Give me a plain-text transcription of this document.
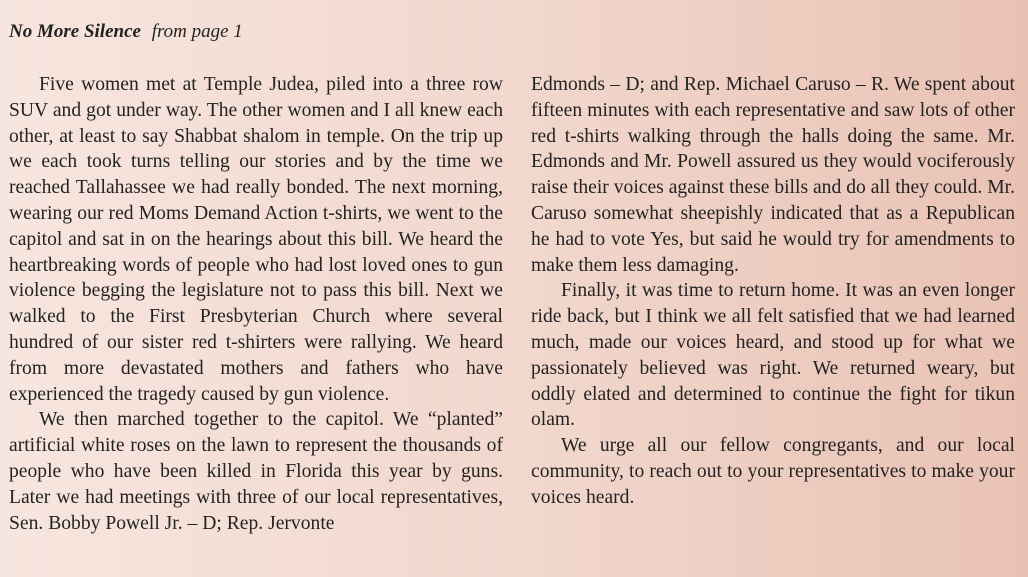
No More Silence from page 1

Five women met at Temple Judea, piled into a three row SUV and got under way. The other women and I all knew each other, at least to say Shabbat shalom in temple. On the trip up we each took turns telling our stories and by the time we reached Tallahassee we had really bonded. The next morning, wearing our red Moms Demand Action t-shirts, we went to the capitol and sat in on the hearings about this bill. We heard the heartbreaking words of people who had lost loved ones to gun violence begging the legislature not to pass this bill. Next we walked to the First Presbyterian Church where several hundred of our sister red t-shirters were rallying. We heard from more devastated mothers and fathers who have experienced the tragedy caused by gun violence.

We then marched together to the capitol. We “planted” artificial white roses on the lawn to represent the thousands of people who have been killed in Florida this year by guns. Later we had meetings with three of our local representatives, Sen. Bobby Powell Jr. – D; Rep. Jervonte

Edmonds – D; and Rep. Michael Caruso – R. We spent about fifteen minutes with each representative and saw lots of other red t-shirts walking through the halls doing the same. Mr. Edmonds and Mr. Powell assured us they would vociferously raise their voices against these bills and do all they could. Mr. Caruso somewhat sheepishly indicated that as a Republican he had to vote Yes, but said he would try for amendments to make them less damaging.

Finally, it was time to return home. It was an even longer ride back, but I think we all felt satisfied that we had learned much, made our voices heard, and stood up for what we passionately believed was right. We returned weary, but oddly elated and determined to continue the fight for tikun olam.

We urge all our fellow congregants, and our local community, to reach out to your representatives to make your voices heard.
